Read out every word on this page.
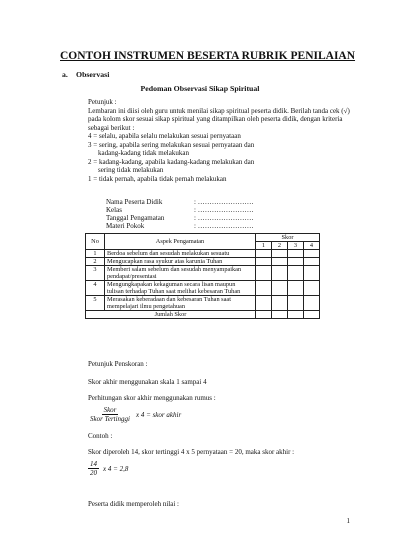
CONTOH INSTRUMEN BESERTA RUBRIK PENILAIAN
a. Observasi
Pedoman Observasi Sikap Spiritual
Petunjuk :
Lembaran ini diisi oleh guru untuk menilai sikap spiritual peserta didik. Berilah tanda cek (√) pada kolom skor sesuai sikap spiritual yang ditampilkan oleh peserta didik, dengan kriteria sebagai berikut :
4 = selalu, apabila selalu melakukan sesuai pernyataan
3 = sering, apabila sering melakukan sesuai pernyataan dan
kadang-kadang tidak melakukan
2 = kadang-kadang, apabila kadang-kadang melakukan dan
sering tidak melakukan
1 = tidak pernah, apabila tidak pernah melakukan
Nama Peserta Didik	: ……………………
Kelas	: ……………………
Tanggal Pengamatan	: ……………………
Materi Pokok	: ……………………
No	Aspek Pengamatan	Skor			
		1	2	3	4
1	Berdoa sebelum dan sesudah melakukan sesuatu				
2	Mengucapkan rasa syukur atas karunia Tuhan				
3	Memberi salam sebelum dan sesudah menyampaikan pendapat/presentasi				
4	Mengungkapakan kekaguman secara lisan maupun tulisan terhadap Tuhan saat melihat kebesaran Tuhan				
5	Merasakan keberadaan dan kebesaran Tuhan saat mempelajari ilmu pengetahuan				
Jumlah Skor					
Petunjuk Penskoran :
Skor akhir menggunakan skala 1 sampai 4
Perhitungan skor akhir menggunakan rumus :
$\frac{\text{Skor}}{\text{Skor Tertinggi}}$ x 4 = skor akhir
Contoh :
Skor diperoleh 14, skor tertinggi 4 x 5 pernyataan = 20, maka skor akhir :
$\frac{14}{20}$ x 4 = 2,8
Peserta didik memperoleh nilai :
1
